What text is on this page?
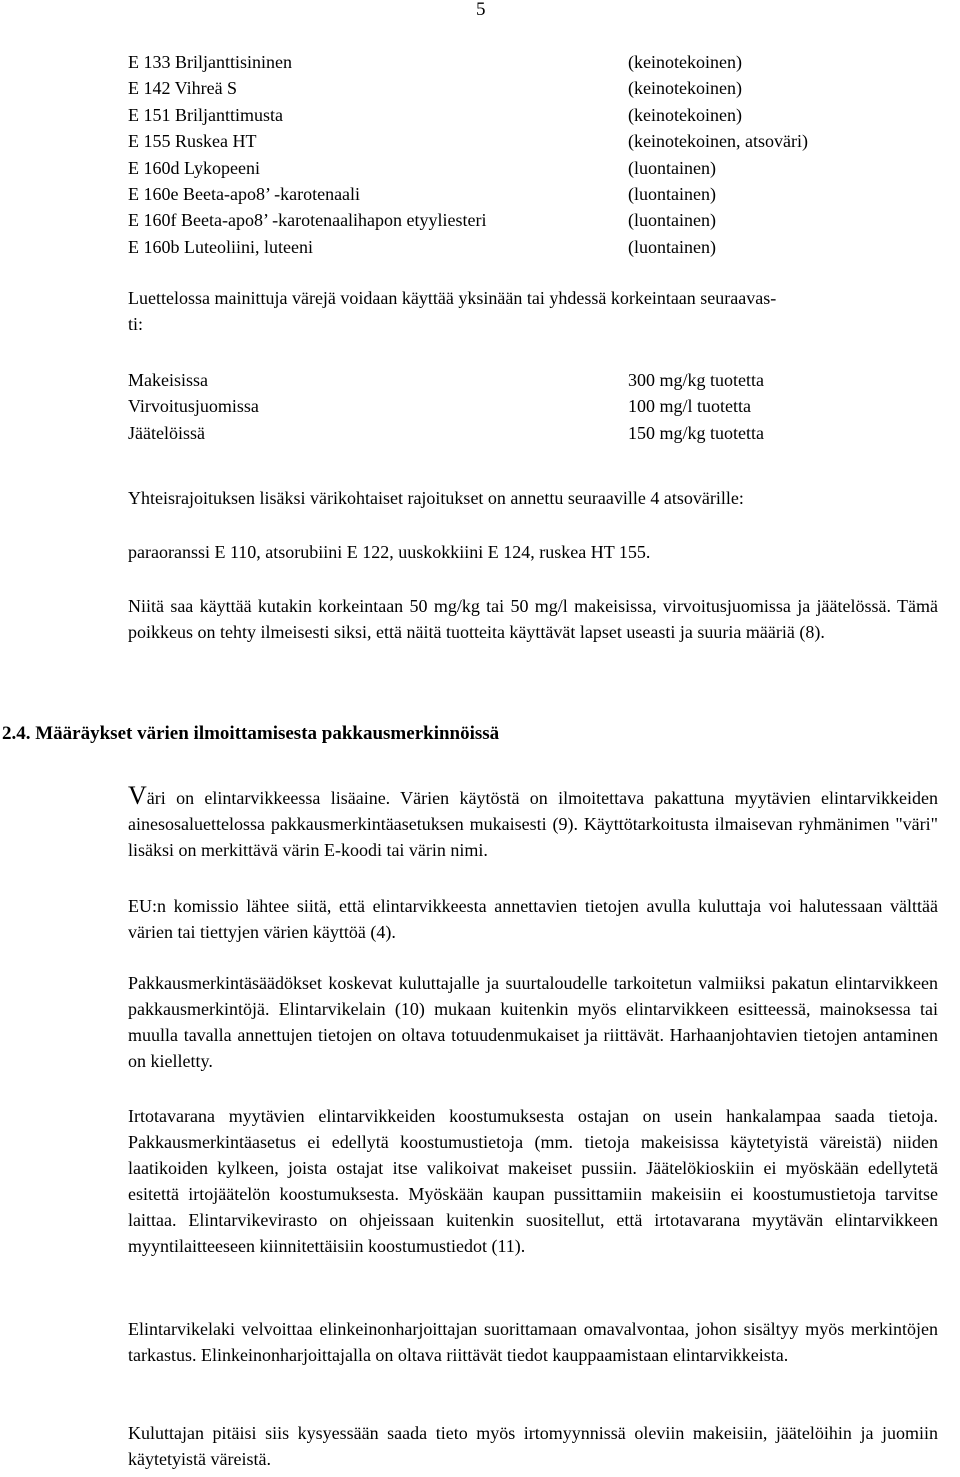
5
E 133 Briljanttisininen	(keinotekoinen)
E 142 Vihreä S	(keinotekoinen)
E 151 Briljanttimusta	(keinotekoinen)
E 155 Ruskea HT	(keinotekoinen, atsoväri)
E 160d Lykopeeni	(luontainen)
E 160e Beeta-apo8’ -karotenaali	(luontainen)
E 160f Beeta-apo8’ -karotenaalihapon etyyliesteri	(luontainen)
E 160b Luteoliini, luteeni	(luontainen)
Luettelossa mainittuja värejä voidaan käyttää yksinään tai yhdessä korkeintaan seuraavas-
ti:
Makeisissa	300 mg/kg tuotetta
Virvoitusjuomissa	100 mg/l tuotetta
Jäätelöissä	150 mg/kg tuotetta

Yhteisrajoituksen lisäksi värikohtaiset rajoitukset on annettu seuraaville 4 atsovärille:

paraoranssi E 110, atsorubiini E 122, uuskokkiini E 124, ruskea HT 155.

Niitä saa käyttää kutakin korkeintaan 50 mg/kg tai 50 mg/l makeisissa, virvoitusjuomissa ja jäätelössä. Tämä poikkeus on tehty ilmeisesti siksi, että näitä tuotteita käyttävät lapset useasti ja suuria määriä (8).

2.4. Määräykset värien ilmoittamisesta pakkausmerkinnöissä

Väri on elintarvikkeessa lisäaine. Värien käytöstä on ilmoitettava pakattuna myytävien elintarvikkeiden ainesosaluettelossa pakkausmerkintäasetuksen mukaisesti (9). Käyttötarkoitusta ilmaisevan ryhmänimen "väri" lisäksi on merkittävä värin E-koodi tai värin nimi.

EU:n komissio lähtee siitä, että elintarvikkeesta annettavien tietojen avulla kuluttaja voi halutessaan välttää värien tai tiettyjen värien käyttöä (4).

Pakkausmerkintäsäädökset koskevat kuluttajalle ja suurtaloudelle tarkoitetun valmiiksi pakatun elintarvikkeen pakkausmerkintöjä. Elintarvikelain (10) mukaan kuitenkin myös elintarvikkeen esitteessä, mainoksessa tai muulla tavalla annettujen tietojen on oltava totuudenmukaiset ja riittävät. Harhaanjohtavien tietojen antaminen on kielletty.

Irtotavarana myytävien elintarvikkeiden koostumuksesta ostajan on usein hankalampaa saada tietoja. Pakkausmerkintäasetus ei edellytä koostumustietoja (mm. tietoja makeisissa käytetyistä väreistä) niiden laatikoiden kylkeen, joista ostajat itse valikoivat makeiset pussiin. Jäätelökioskiin ei myöskään edellytetä esitettä irtojäätelön koostumuksesta. Myöskään kaupan pussittamiin makeisiin ei koostumustietoja tarvitse laittaa. Elintarvikevirasto on ohjeissaan kuitenkin suositellut, että irtotavarana myytävän elintarvikkeen myyntilaitteeseen kiinnitettäisiin koostumustiedot (11).

Elintarvikelaki velvoittaa elinkeinonharjoittajan suorittamaan omavalvontaa, johon sisältyy myös merkintöjen tarkastus. Elinkeinonharjoittajalla on oltava riittävät tiedot kauppaamistaan elintarvikkeista.

Kuluttajan pitäisi siis kysyessään saada tieto myös irtomyynnissä oleviin makeisiin, jäätelöihin ja juomiin käytetyistä väreistä.
